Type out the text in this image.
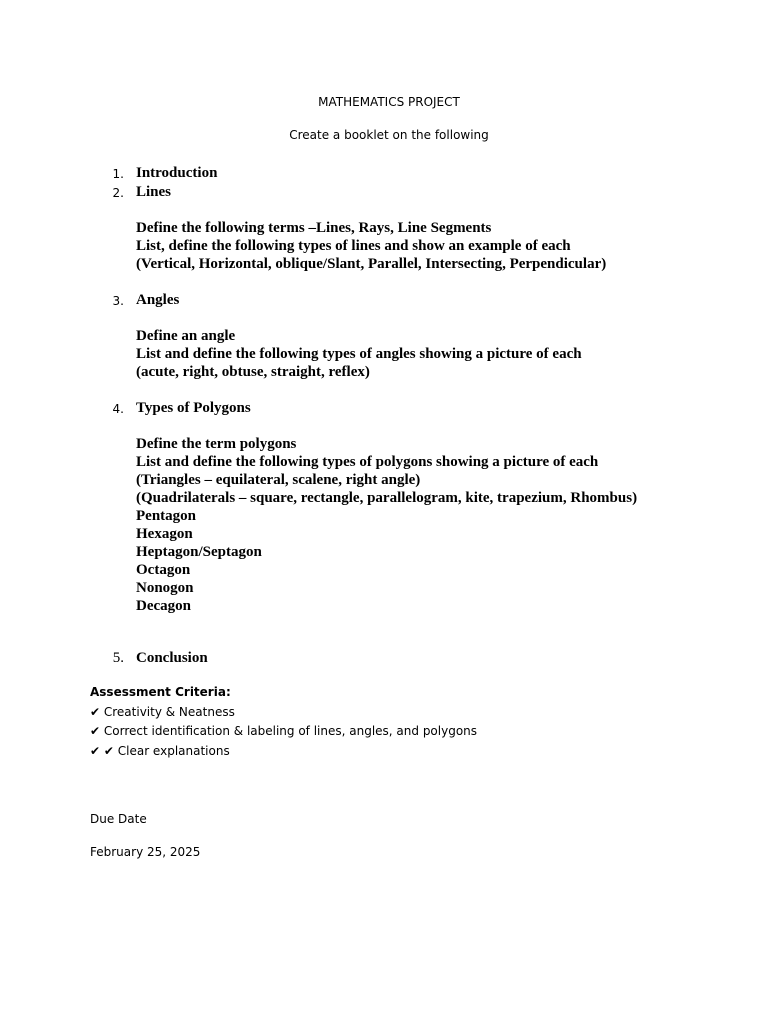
MATHEMATICS PROJECT
Create a booklet on the following
1. Introduction
2. Lines
Define the following terms –Lines, Rays, Line Segments
List, define the following types of lines and show an example of each
(Vertical, Horizontal, oblique/Slant, Parallel, Intersecting, Perpendicular)
3. Angles
Define an angle
List and define the following types of angles showing a picture of each
(acute, right, obtuse, straight, reflex)
4. Types of Polygons
Define the term polygons
List and define the following types of polygons showing a picture of each
(Triangles – equilateral, scalene, right angle)
(Quadrilaterals – square, rectangle, parallelogram, kite, trapezium, Rhombus)
Pentagon
Hexagon
Heptagon/Septagon
Octagon
Nonogon
Decagon
5. Conclusion
Assessment Criteria:
✔ Creativity & Neatness
✔ Correct identification & labeling of lines, angles, and polygons
✔ ✔ Clear explanations
Due Date
February 25, 2025
